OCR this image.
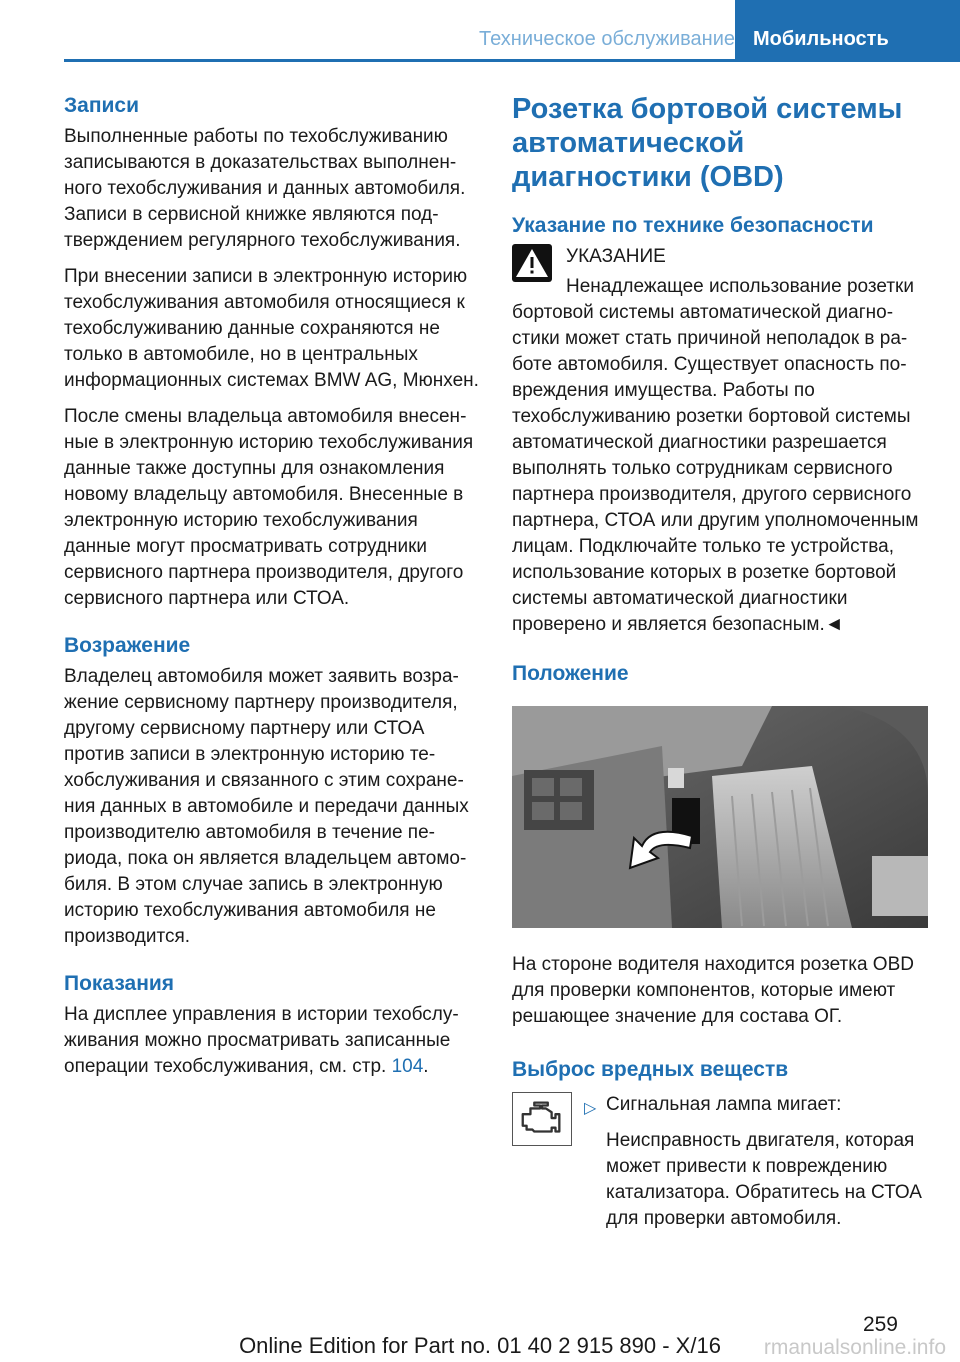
Техническое обслуживание Мобильность
Записи

Выполненные работы по техобслуживанию записываются в доказательствах выполненного техобслуживания и данных автомобиля. Записи в сервисной книжке являются подтверждением регулярного техобслуживания.

При внесении записи в электронную историю техобслуживания автомобиля относящиеся к техобслуживанию данные сохраняются не только в автомобиле, но в центральных информационных системах BMW AG, Мюнхен.

После смены владельца автомобиля внесенные в электронную историю техобслуживания данные также доступны для ознакомления новому владельцу автомобиля. Внесенные в электронную историю техобслуживания данные могут просматривать сотрудники сервисного партнера производителя, другого сервисного партнера или СТОА.

Возражение

Владелец автомобиля может заявить возражение сервисному партнеру производителя, другому сервисному партнеру или СТОА против записи в электронную историю техобслуживания и связанного с этим сохранения данных в автомобиле и передачи данных производителю автомобиля в течение периода, пока он является владельцем автомобиля. В этом случае запись в электронную историю техобслуживания автомобиля не производится.

Показания

На дисплее управления в истории техобслуживания можно просматривать записанные операции техобслуживания, см. стр. 104.

Розетка бортовой системы автоматической диагностики (OBD)
Указание по технике безопасности

УКАЗАНИЕ

Ненадлежащее использование розетки бортовой системы автоматической диагностики может стать причиной неполадок в работе автомобиля. Существует опасность повреждения имущества. Работы по техобслуживанию розетки бортовой системы автоматической диагностики разрешается выполнять только сотрудникам сервисного партнера производителя, другого сервисного партнера, СТОА или другим уполномоченным лицам. Подключайте только те устройства, использование которых в розетке бортовой системы автоматической диагностики проверено и является безопасным.◄

Положение

На стороне водителя находится розетка OBD для проверки компонентов, которые имеют решающее значение для состава ОГ.

Выброс вредных веществ
▷ Сигнальная лампа мигает:

Неисправность двигателя, которая может привести к повреждению катализатора. Обратитесь на СТОА для проверки автомобиля.

259
Online Edition for Part no. 01 40 2 915 890 - X/16	rmanualsonline.info
